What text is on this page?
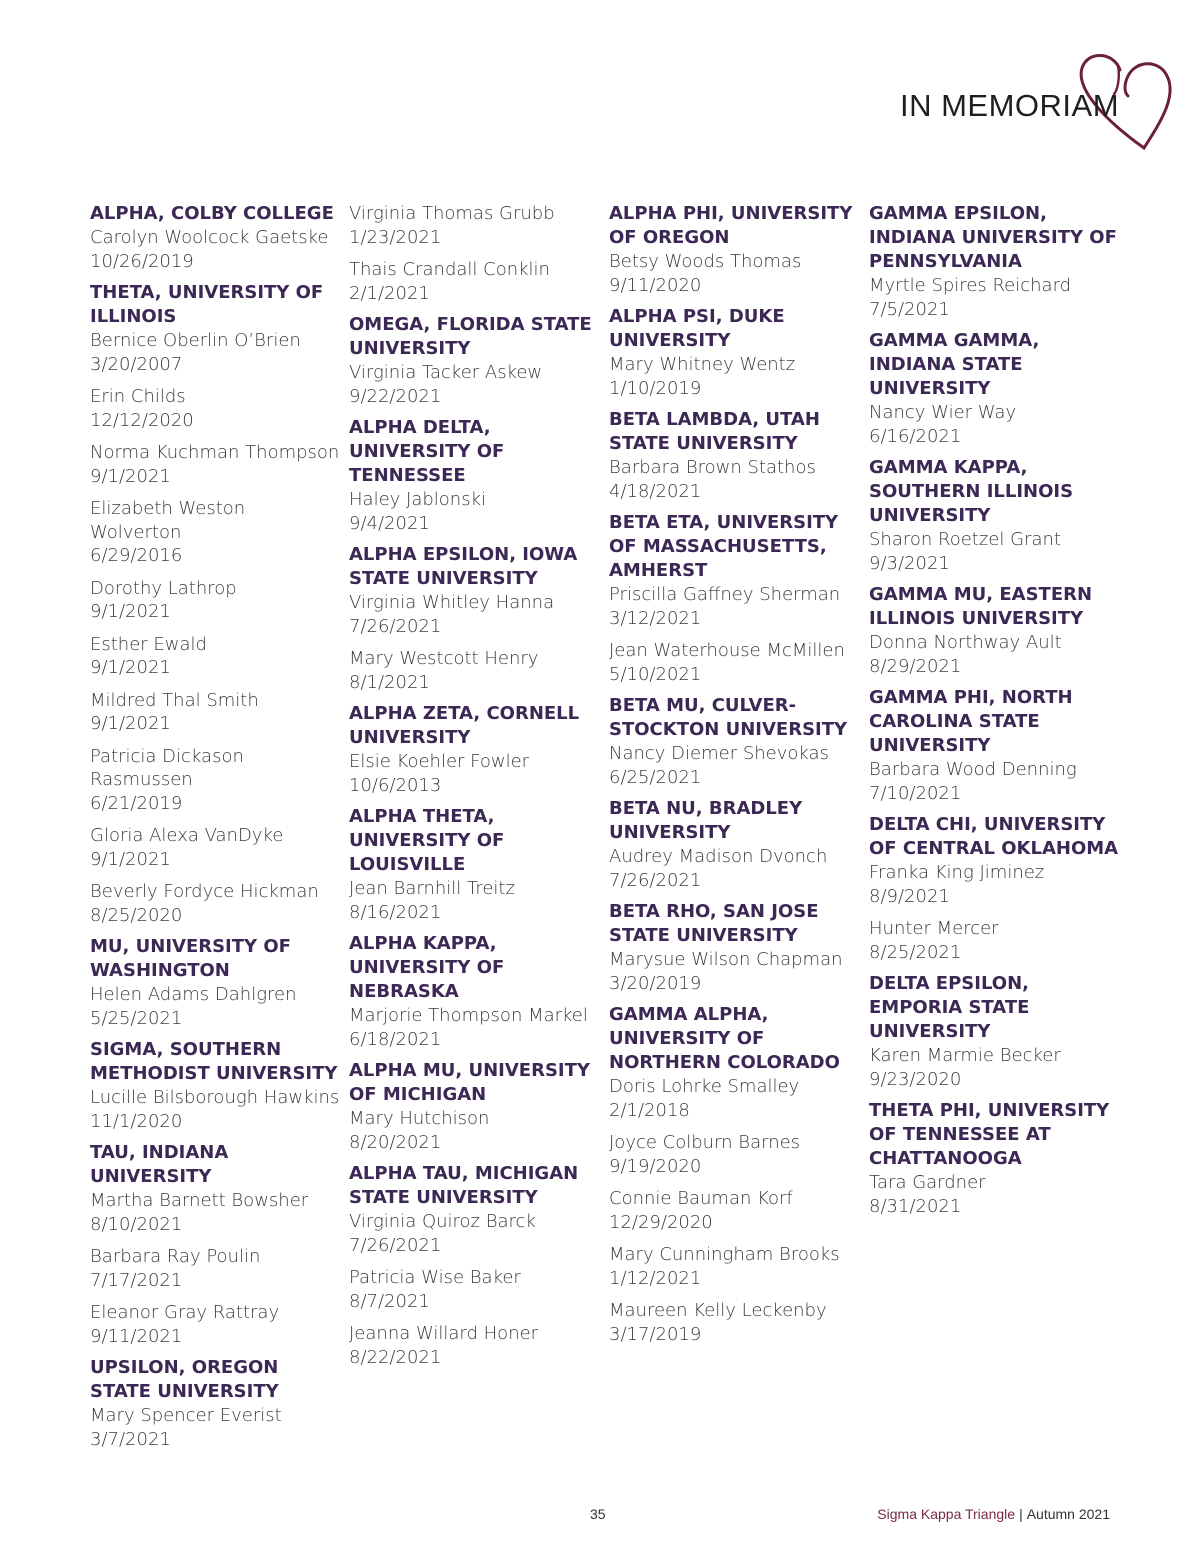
IN MEMORIAM
ALPHA, COLBY COLLEGE
Carolyn Woolcock Gaetske
10/26/2019
THETA, UNIVERSITY OF ILLINOIS
Bernice Oberlin O’Brien
3/20/2007
Erin Childs
12/12/2020
Norma Kuchman Thompson
9/1/2021
Elizabeth Weston Wolverton
6/29/2016
Dorothy Lathrop
9/1/2021
Esther Ewald
9/1/2021
Mildred Thal Smith
9/1/2021
Patricia Dickason Rasmussen
6/21/2019
Gloria Alexa VanDyke
9/1/2021
Beverly Fordyce Hickman
8/25/2020
MU, UNIVERSITY OF WASHINGTON
Helen Adams Dahlgren
5/25/2021
SIGMA, SOUTHERN METHODIST UNIVERSITY
Lucille Bilsborough Hawkins
11/1/2020
TAU, INDIANA UNIVERSITY
Martha Barnett Bowsher
8/10/2021
Barbara Ray Poulin
7/17/2021
Eleanor Gray Rattray
9/11/2021
UPSILON, OREGON STATE UNIVERSITY
Mary Spencer Everist
3/7/2021
Virginia Thomas Grubb
1/23/2021
Thais Crandall Conklin
2/1/2021
OMEGA, FLORIDA STATE UNIVERSITY
Virginia Tacker Askew
9/22/2021
ALPHA DELTA, UNIVERSITY OF TENNESSEE
Haley Jablonski
9/4/2021
ALPHA EPSILON, IOWA STATE UNIVERSITY
Virginia Whitley Hanna
7/26/2021
Mary Westcott Henry
8/1/2021
ALPHA ZETA, CORNELL UNIVERSITY
Elsie Koehler Fowler
10/6/2013
ALPHA THETA, UNIVERSITY OF LOUISVILLE
Jean Barnhill Treitz
8/16/2021
ALPHA KAPPA, UNIVERSITY OF NEBRASKA
Marjorie Thompson Markel
6/18/2021
ALPHA MU, UNIVERSITY OF MICHIGAN
Mary Hutchison
8/20/2021
ALPHA TAU, MICHIGAN STATE UNIVERSITY
Virginia Quiroz Barck
7/26/2021
Patricia Wise Baker
8/7/2021
Jeanna Willard Honer
8/22/2021
ALPHA PHI, UNIVERSITY OF OREGON
Betsy Woods Thomas
9/11/2020
ALPHA PSI, DUKE UNIVERSITY
Mary Whitney Wentz
1/10/2019
BETA LAMBDA, UTAH STATE UNIVERSITY
Barbara Brown Stathos
4/18/2021
BETA ETA, UNIVERSITY OF MASSACHUSETTS, AMHERST
Priscilla Gaffney Sherman
3/12/2021
Jean Waterhouse McMillen
5/10/2021
BETA MU, CULVER-STOCKTON UNIVERSITY
Nancy Diemer Shevokas
6/25/2021
BETA NU, BRADLEY UNIVERSITY
Audrey Madison Dvonch
7/26/2021
BETA RHO, SAN JOSE STATE UNIVERSITY
Marysue Wilson Chapman
3/20/2019
GAMMA ALPHA, UNIVERSITY OF NORTHERN COLORADO
Doris Lohrke Smalley
2/1/2018
Joyce Colburn Barnes
9/19/2020
Connie Bauman Korf
12/29/2020
Mary Cunningham Brooks
1/12/2021
Maureen Kelly Leckenby
3/17/2019
GAMMA EPSILON, INDIANA UNIVERSITY OF PENNSYLVANIA
Myrtle Spires Reichard
7/5/2021
GAMMA GAMMA, INDIANA STATE UNIVERSITY
Nancy Wier Way
6/16/2021
GAMMA KAPPA, SOUTHERN ILLINOIS UNIVERSITY
Sharon Roetzel Grant
9/3/2021
GAMMA MU, EASTERN ILLINOIS UNIVERSITY
Donna Northway Ault
8/29/2021
GAMMA PHI, NORTH CAROLINA STATE UNIVERSITY
Barbara Wood Denning
7/10/2021
DELTA CHI, UNIVERSITY OF CENTRAL OKLAHOMA
Franka King Jiminez
8/9/2021
Hunter Mercer
8/25/2021
DELTA EPSILON, EMPORIA STATE UNIVERSITY
Karen Marmie Becker
9/23/2020
THETA PHI, UNIVERSITY OF TENNESSEE AT CHATTANOOGA
Tara Gardner
8/31/2021
35	Sigma Kappa Triangle | Autumn 2021
